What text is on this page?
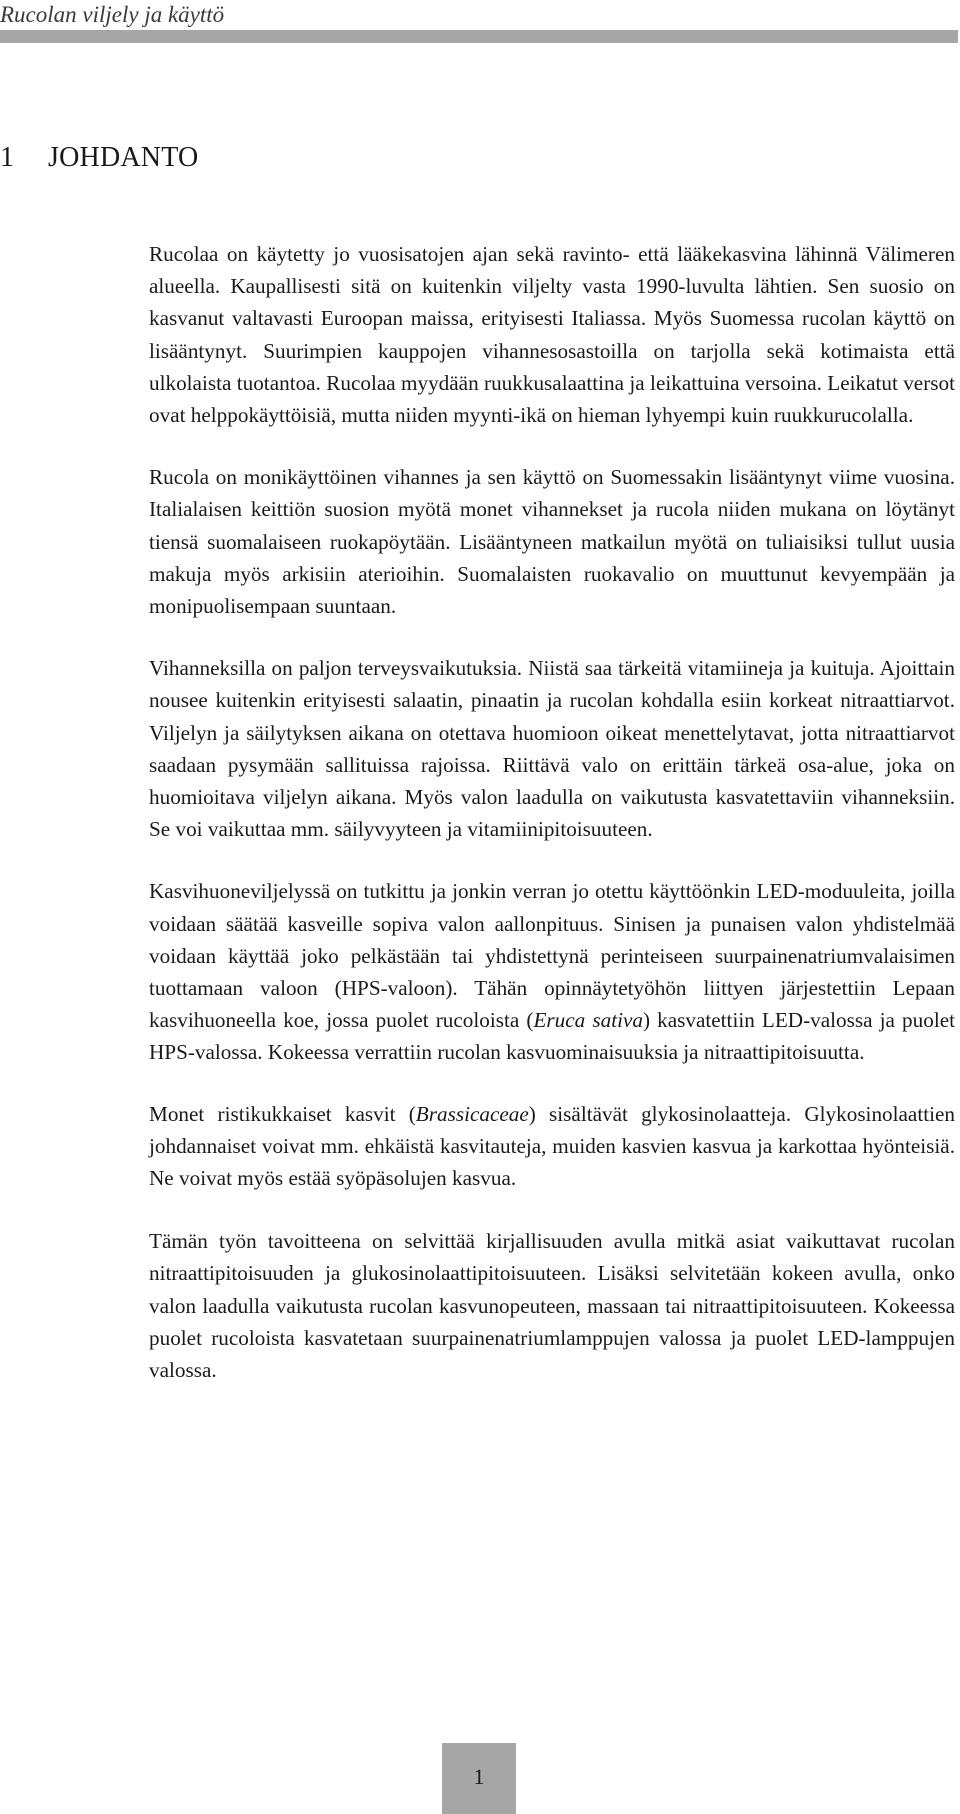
Rucolan viljely ja käyttö
1 JOHDANTO

Rucolaa on käytetty jo vuosisatojen ajan sekä ravinto- että lääkekasvina lähinnä Välimeren alueella. Kaupallisesti sitä on kuitenkin viljelty vasta 1990-luvulta lähtien. Sen suosio on kasvanut valtavasti Euroopan maissa, erityisesti Italiassa. Myös Suomessa rucolan käyttö on lisääntynyt. Suurimpien kauppojen vihannesosastoilla on tarjolla sekä kotimaista että ulkolaista tuotantoa. Rucolaa myydään ruukkusalaattina ja leikattuina versoina. Leikatut versot ovat helppokäyttöisiä, mutta niiden myynti-ikä on hieman lyhyempi kuin ruukkurucolalla.

Rucola on monikäyttöinen vihannes ja sen käyttö on Suomessakin lisääntynyt viime vuosina. Italialaisen keittiön suosion myötä monet vihannekset ja rucola niiden mukana on löytänyt tiensä suomalaiseen ruokapöytään. Lisääntyneen matkailun myötä on tuliaisiksi tullut uusia makuja myös arkisiin aterioihin. Suomalaisten ruokavalio on muuttunut kevyempään ja monipuolisempaan suuntaan.

Vihanneksilla on paljon terveysvaikutuksia. Niistä saa tärkeitä vitamiineja ja kuituja. Ajoittain nousee kuitenkin erityisesti salaatin, pinaatin ja rucolan kohdalla esiin korkeat nitraattiarvot. Viljelyn ja säilytyksen aikana on otettava huomioon oikeat menettelytavat, jotta nitraattiarvot saadaan pysymään sallituissa rajoissa. Riittävä valo on erittäin tärkeä osa-alue, joka on huomioitava viljelyn aikana. Myös valon laadulla on vaikutusta kasvatettaviin vihanneksiin. Se voi vaikuttaa mm. säilyvyyteen ja vitamiinipitoisuuteen.

Kasvihuoneviljelyssä on tutkittu ja jonkin verran jo otettu käyttöönkin LED-moduuleita, joilla voidaan säätää kasveille sopiva valon aallonpituus. Sinisen ja punaisen valon yhdistelmää voidaan käyttää joko pelkästään tai yhdistettynä perinteiseen suurpainenatriumvalaisimen tuottamaan valoon (HPS-valoon). Tähän opinnäytetyöhön liittyen järjestettiin Lepaan kasvihuoneella koe, jossa puolet rucoloista (Eruca sativa) kasvatettiin LED-valossa ja puolet HPS-valossa. Kokeessa verrattiin rucolan kasvuominaisuuksia ja nitraattipitoisuutta.

Monet ristikukkaiset kasvit (Brassicaceae) sisältävät glykosinolaatteja. Glykosinolaattien johdannaiset voivat mm. ehkäistä kasvitauteja, muiden kasvien kasvua ja karkottaa hyönteisiä. Ne voivat myös estää syöpäsolujen kasvua.

Tämän työn tavoitteena on selvittää kirjallisuuden avulla mitkä asiat vaikuttavat rucolan nitraattipitoisuuden ja glukosinolaattipitoisuuteen. Lisäksi selvitetään kokeen avulla, onko valon laadulla vaikutusta rucolan kasvunopeuteen, massaan tai nitraattipitoisuuteen. Kokeessa puolet rucoloista kasvatetaan suurpainenatriumlamppujen valossa ja puolet LED-lamppujen valossa.

1
